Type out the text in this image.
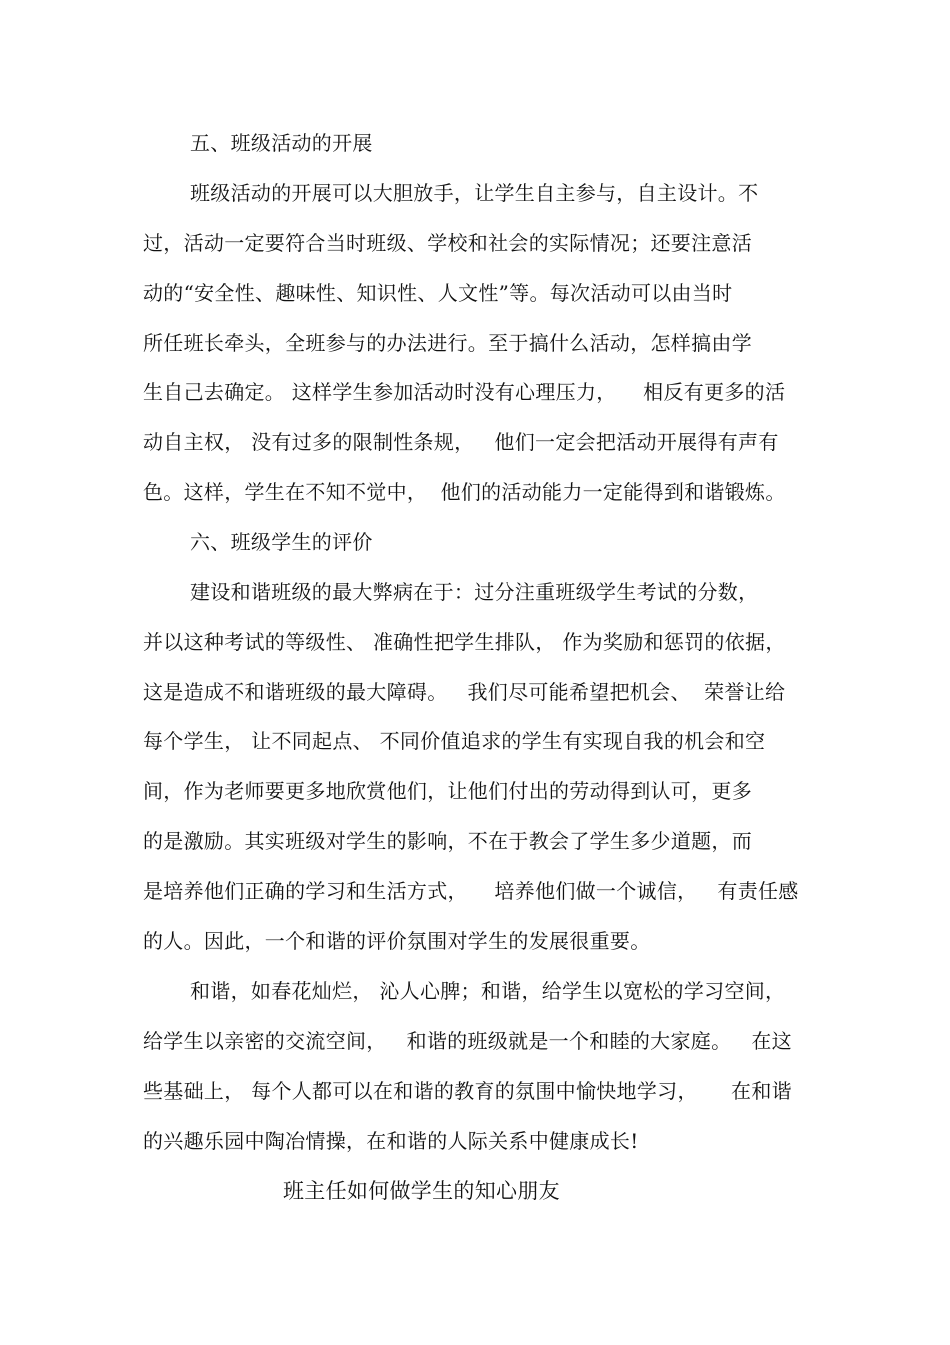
五、班级活动的开展
班级活动的开展可以大胆放手，让学生自主参与，自主设计。不
过，活动一定要符合当时班级、学校和社会的实际情况；还要注意活
动的“安全性、趣味性、知识性、人文性”等。每次活动可以由当时
所任班长牵头，全班参与的办法进行。至于搞什么活动，怎样搞由学
生自己去确定。 这样学生参加活动时没有心理压力，    相反有更多的活
动自主权， 没有过多的限制性条规，   他们一定会把活动开展得有声有
色。这样，学生在不知不觉中，  他们的活动能力一定能得到和谐锻炼。
六、班级学生的评价
建设和谐班级的最大弊病在于：过分注重班级学生考试的分数，
并以这种考试的等级性、 准确性把学生排队， 作为奖励和惩罚的依据，
这是造成不和谐班级的最大障碍。   我们尽可能希望把机会、  荣誉让给
每个学生， 让不同起点、 不同价值追求的学生有实现自我的机会和空
间，作为老师要更多地欣赏他们，让他们付出的劳动得到认可，更多
的是激励。其实班级对学生的影响，不在于教会了学生多少道题，而
是培养他们正确的学习和生活方式，    培养他们做一个诚信，   有责任感
的人。因此，一个和谐的评价氛围对学生的发展很重要。
和谐，如春花灿烂， 沁人心脾；和谐，给学生以宽松的学习空间，
给学生以亲密的交流空间，   和谐的班级就是一个和睦的大家庭。   在这
些基础上， 每个人都可以在和谐的教育的氛围中愉快地学习，     在和谐
的兴趣乐园中陶冶情操，在和谐的人际关系中健康成长!
班主任如何做学生的知心朋友
